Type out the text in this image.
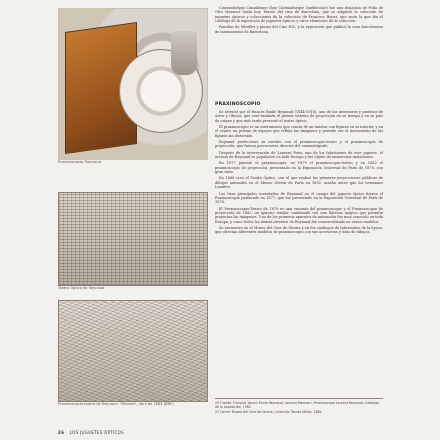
Praxinoscopio. Reynaud
Teatro Óptico de Reynaud
Praxinoscopio-teatro de Reynaud. "Revista", abril de 1884 (BNF)

Cinemathèque Canadienne (hoy Cinémathèque Québécoise) fue una donación de Folio de Otto Messner hasta hoy. Museo del cine de Barcelona, que se adquirió la colección de juguetes ópticos y colecciones de la colección de Francesc Bonet, que sería la que iba el catálogo de la exposición de juguetes ópticos y otros elementos de la colección.

Familias de Miralles y piezas del Cine NIC, y la exposición que publicó la casa barcelonesa de monumentos de Barcelona.

PRAXINOSCOPIO

Se inventó por el francés Émile Reynaud (1844-1918), uno de los inventores y profesor de Artes y Oficios, que creó también el primer sistema de proyección en su tiempo y en su país de origen y que más tarde presentó el teatro óptico.

El praxinoscopio es un instrumento que consta de un tambor con figuras en su interior, y en el centro un prisma de espejos que refleja las imágenes y permite ver el movimiento de las figuras sin distorsión.

Reynaud perfeccionó su invento con el praxinoscopio-teatro y el praxinoscopio de proyección, que fueron precursores directos del cinematógrafo.

Después de la intervención de Laurent Pean, uno de los fabricantes de este juguete, el invento de Reynaud se popularizó en toda Europa y fue objeto de numerosas imitaciones.

En 1877 patentó el praxinoscopio; en 1879 el praxinoscopio-teatro y en 1882 el praxinoscopio de proyección, presentado en la Exposición Universal de París de 1878, con gran éxito.

En 1888 creó el Teatro Óptico, con el que realizó las primeras proyecciones públicas de dibujos animados en el Museo Grévin de París en 1892, mucho antes que los hermanos Lumière.

Las tiras principales inventadas de Reynaud en el campo del juguete óptico fueron el Praxinoscopio patentado en 1877, que fue presentado en la Exposición Universal de París de 1878.

El Praxinoscopio-Teatro de 1879 es una variante del praxinoscopio y el Praxinoscopio de proyección de 1882, un aparato similar combinado con una linterna mágica que permitía proyectar las imágenes. Uno de los primeros aparatos de animación fue muy conocido en toda Europa, y como todos los demás inventos de Reynaud fue comercializado en varios modelos.

Se encuentra en el Museo del Cine de Girona y en los catálogos de fabricantes de la época, que ofrecían diferentes modelos de praxinoscopio con sus accesorios y tiras de dibujos.

20 Fuente: François Tassel: Émile Reynaud, Laurent Mannoni. Praxinoscope Laurent Reynaud. Catálogo de la exposición, 1982.
21 Cartel: Museo del Cine de Girona, Colección Tomàs Mallol, 1884.
26 LOS JUGUETES ÓPTICOS
